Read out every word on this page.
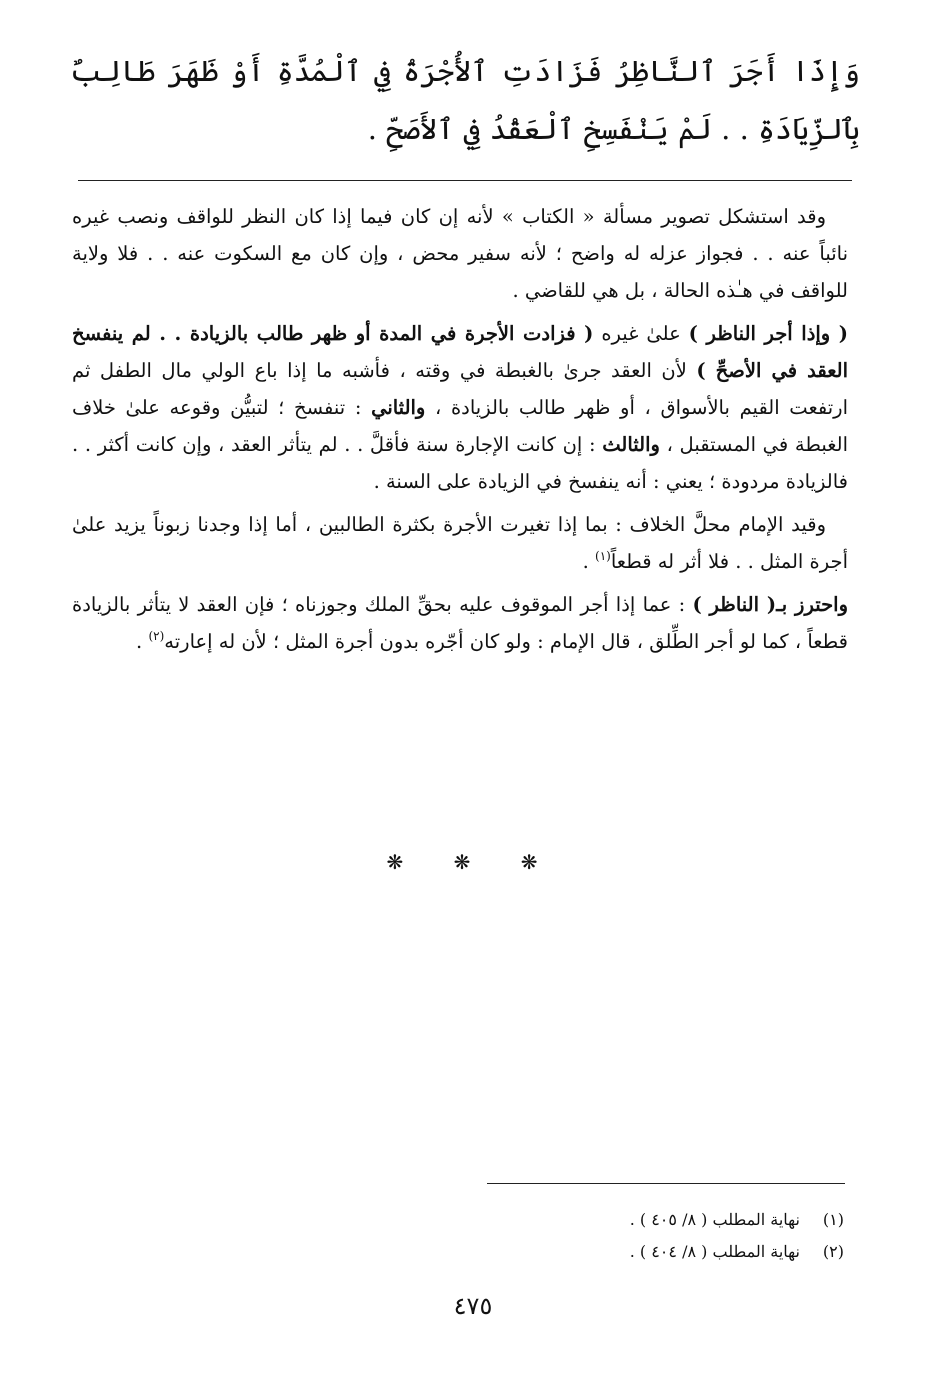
وَإِذَا أَجَرَ ٱلنَّاظِرُ فَزَادَتِ ٱلأُجْرَةُ فِي ٱلْمُدَّةِ أَوْ ظَهَرَ طَالِبٌ بِٱلزِّيَادَةِ . . لَمْ يَنْفَسِخِ ٱلْعَقْدُ فِي ٱلأَصَحِّ .

وقد استشكل تصوير مسألة « الكتاب » لأنه إن كان فيما إذا كان النظر للواقف ونصب غيره نائباً عنه . . فجواز عزله له واضح ؛ لأنه سفير محض ، وإن كان مع السكوت عنه . . فلا ولاية للواقف في هـٰذه الحالة ، بل هي للقاضي .

( وإذا أجر الناظر ) علىٰ غيره ( فزادت الأجرة في المدة أو ظهر طالب بالزيادة . . لم ينفسخ العقد في الأصحِّ ) لأن العقد جرىٰ بالغبطة في وقته ، فأشبه ما إذا باع الولي مال الطفل ثم ارتفعت القيم بالأسواق ، أو ظهر طالب بالزيادة ، والثاني : تنفسخ ؛ لتبيُّن وقوعه علىٰ خلاف الغبطة في المستقبل ، والثالث : إن كانت الإجارة سنة فأقلَّ . . لم يتأثر العقد ، وإن كانت أكثر . . فالزيادة مردودة ؛ يعني : أنه ينفسخ في الزيادة على السنة .

وقيد الإمام محلَّ الخلاف : بما إذا تغيرت الأجرة بكثرة الطالبين ، أما إذا وجدنا زبوناً يزيد علىٰ أجرة المثل . . فلا أثر له قطعاً$^{(١)}$ .

واحترز بـ( الناظر ) : عما إذا أجر الموقوف عليه بحقِّ الملك وجوزناه ؛ فإن العقد لا يتأثر بالزيادة قطعاً ، كما لو أجر الطِّلق ، قال الإمام : ولو كان أجّره بدون أجرة المثل ؛ لأن له إعارته$^{(٢)}$ .

❋ ❋ ❋
(١)
نهاية المطلب ( ٨/ ٤٠٥ ) .
(٢)
نهاية المطلب ( ٨/ ٤٠٤ ) .
٤٧٥
